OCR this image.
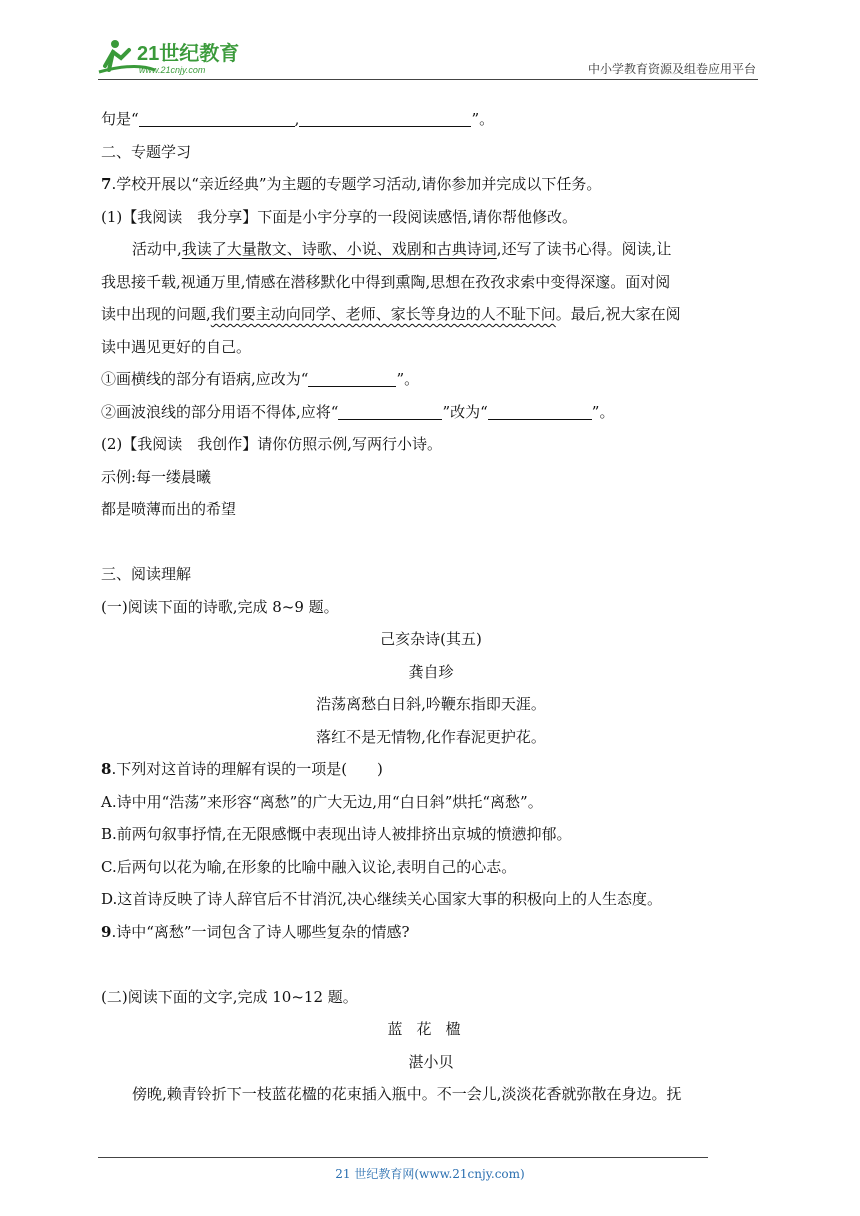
21世纪教育
www.21cnjy.com	中小学教育资源及组卷应用平台
句是“	,	”。
二、专题学习
7.学校开展以“亲近经典”为主题的专题学习活动,请你参加并完成以下任务。
(1)【我阅读　我分享】下面是小宇分享的一段阅读感悟,请你帮他修改。
活动中,我读了大量散文、诗歌、小说、戏剧和古典诗词,还写了读书心得。阅读,让
我思接千载,视通万里,情感在潜移默化中得到熏陶,思想在孜孜求索中变得深邃。面对阅
读中出现的问题,我们要主动向同学、老师、家长等身边的人不耻下问。最后,祝大家在阅
读中遇见更好的自己。
①画横线的部分有语病,应改为“	”。
②画波浪线的部分用语不得体,应将“	”改为“	”。
(2)【我阅读　我创作】请你仿照示例,写两行小诗。
示例:每一缕晨曦
都是喷薄而出的希望
三、阅读理解
(一)阅读下面的诗歌,完成 8~9 题。
己亥杂诗(其五)
龚自珍
浩荡离愁白日斜,吟鞭东指即天涯。
落红不是无情物,化作春泥更护花。
8.下列对这首诗的理解有误的一项是(　　)
A.诗中用“浩荡”来形容“离愁”的广大无边,用“白日斜”烘托“离愁”。
B.前两句叙事抒情,在无限感慨中表现出诗人被排挤出京城的愤懑抑郁。
C.后两句以花为喻,在形象的比喻中融入议论,表明自己的心志。
D.这首诗反映了诗人辞官后不甘消沉,决心继续关心国家大事的积极向上的人生态度。
9.诗中“离愁”一词包含了诗人哪些复杂的情感?
(二)阅读下面的文字,完成 10~12 题。
蓝花楹
湛小贝
傍晚,赖青铃折下一枝蓝花楹的花束插入瓶中。不一会儿,淡淡花香就弥散在身边。抚
21 世纪教育网(www.21cnjy.com)
